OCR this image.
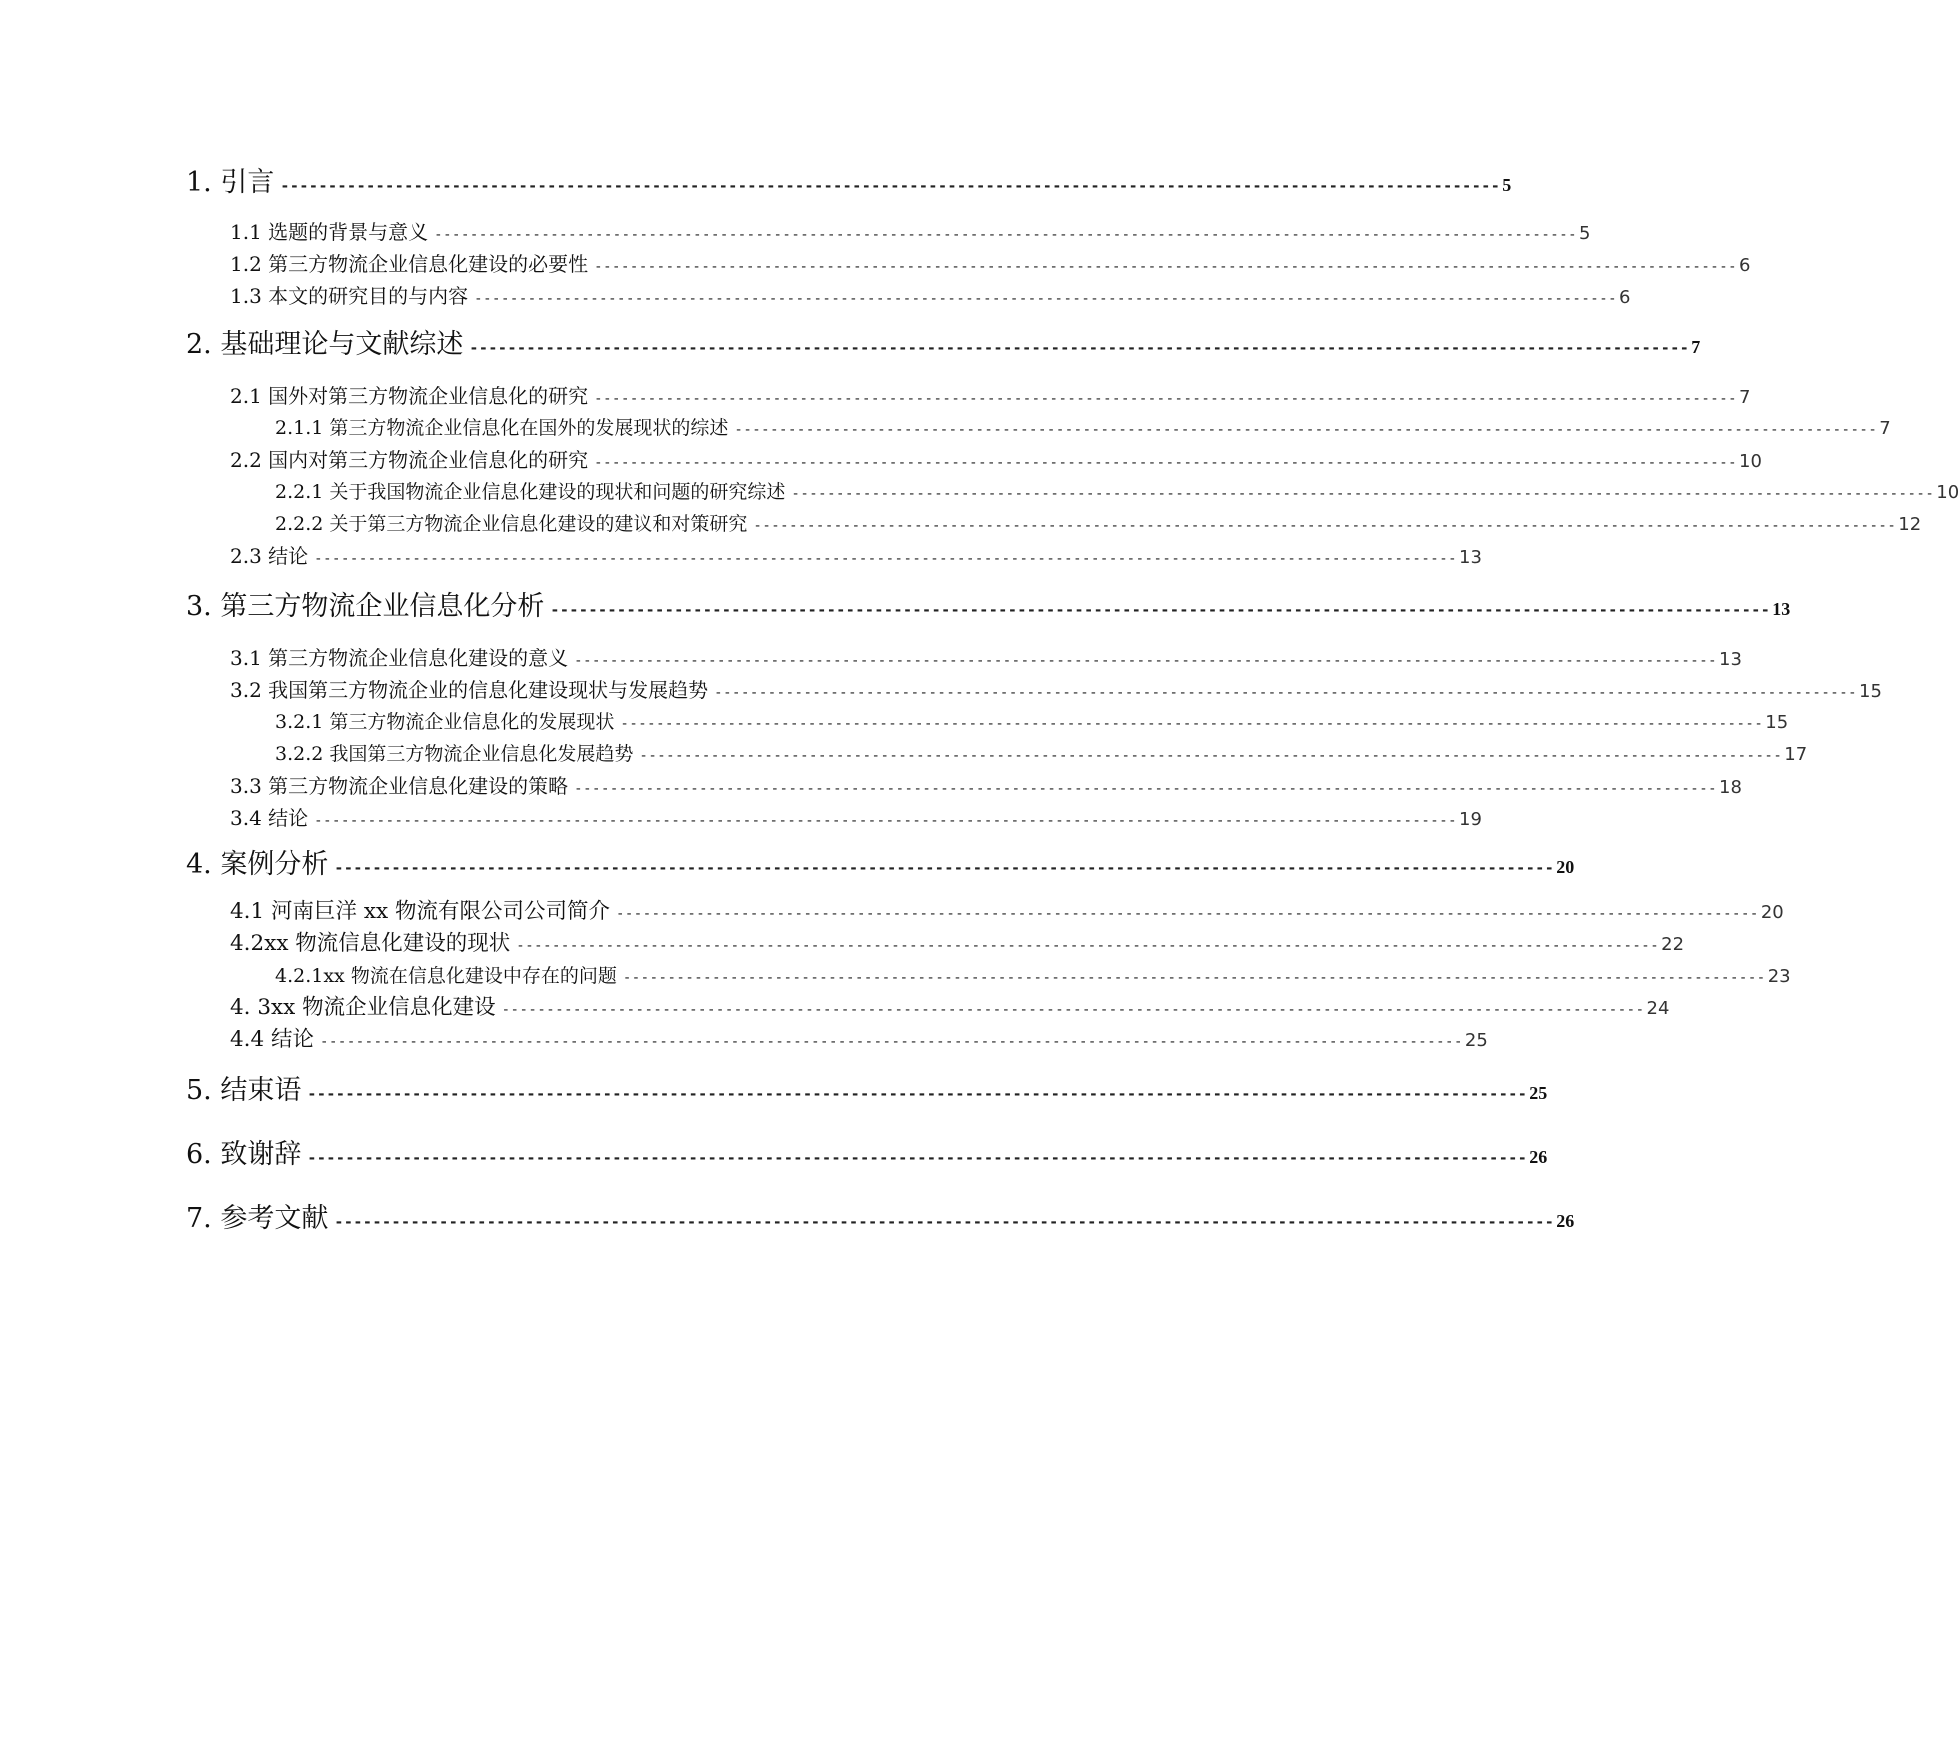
1. 引言 -------------------------------------------------------------------------------------------------------------------------------- 5
1.1 选题的背景与意义 -------------------------------------------------------------------------------------------------------------------------------- 5
1.2 第三方物流企业信息化建设的必要性 -------------------------------------------------------------------------------------------------------------------------------- 6
1.3 本文的研究目的与内容 -------------------------------------------------------------------------------------------------------------------------------- 6
2. 基础理论与文献综述 -------------------------------------------------------------------------------------------------------------------------------- 7
2.1 国外对第三方物流企业信息化的研究 -------------------------------------------------------------------------------------------------------------------------------- 7
2.1.1 第三方物流企业信息化在国外的发展现状的综述 -------------------------------------------------------------------------------------------------------------------------------- 7
2.2 国内对第三方物流企业信息化的研究 -------------------------------------------------------------------------------------------------------------------------------- 10
2.2.1 关于我国物流企业信息化建设的现状和问题的研究综述 -------------------------------------------------------------------------------------------------------------------------------- 10
2.2.2 关于第三方物流企业信息化建设的建议和对策研究 -------------------------------------------------------------------------------------------------------------------------------- 12
2.3 结论 -------------------------------------------------------------------------------------------------------------------------------- 13
3. 第三方物流企业信息化分析 -------------------------------------------------------------------------------------------------------------------------------- 13
3.1 第三方物流企业信息化建设的意义 -------------------------------------------------------------------------------------------------------------------------------- 13
3.2 我国第三方物流企业的信息化建设现状与发展趋势 -------------------------------------------------------------------------------------------------------------------------------- 15
3.2.1 第三方物流企业信息化的发展现状 -------------------------------------------------------------------------------------------------------------------------------- 15
3.2.2 我国第三方物流企业信息化发展趋势 -------------------------------------------------------------------------------------------------------------------------------- 17
3.3 第三方物流企业信息化建设的策略 -------------------------------------------------------------------------------------------------------------------------------- 18
3.4 结论 -------------------------------------------------------------------------------------------------------------------------------- 19
4. 案例分析 -------------------------------------------------------------------------------------------------------------------------------- 20
4.1 河南巨洋 xx 物流有限公司公司简介 -------------------------------------------------------------------------------------------------------------------------------- 20
4.2xx 物流信息化建设的现状 -------------------------------------------------------------------------------------------------------------------------------- 22
4.2.1xx 物流在信息化建设中存在的问题 -------------------------------------------------------------------------------------------------------------------------------- 23
4. 3xx 物流企业信息化建设 -------------------------------------------------------------------------------------------------------------------------------- 24
4.4 结论 -------------------------------------------------------------------------------------------------------------------------------- 25
5. 结束语 -------------------------------------------------------------------------------------------------------------------------------- 25
6. 致谢辞 -------------------------------------------------------------------------------------------------------------------------------- 26
7. 参考文献 -------------------------------------------------------------------------------------------------------------------------------- 26
